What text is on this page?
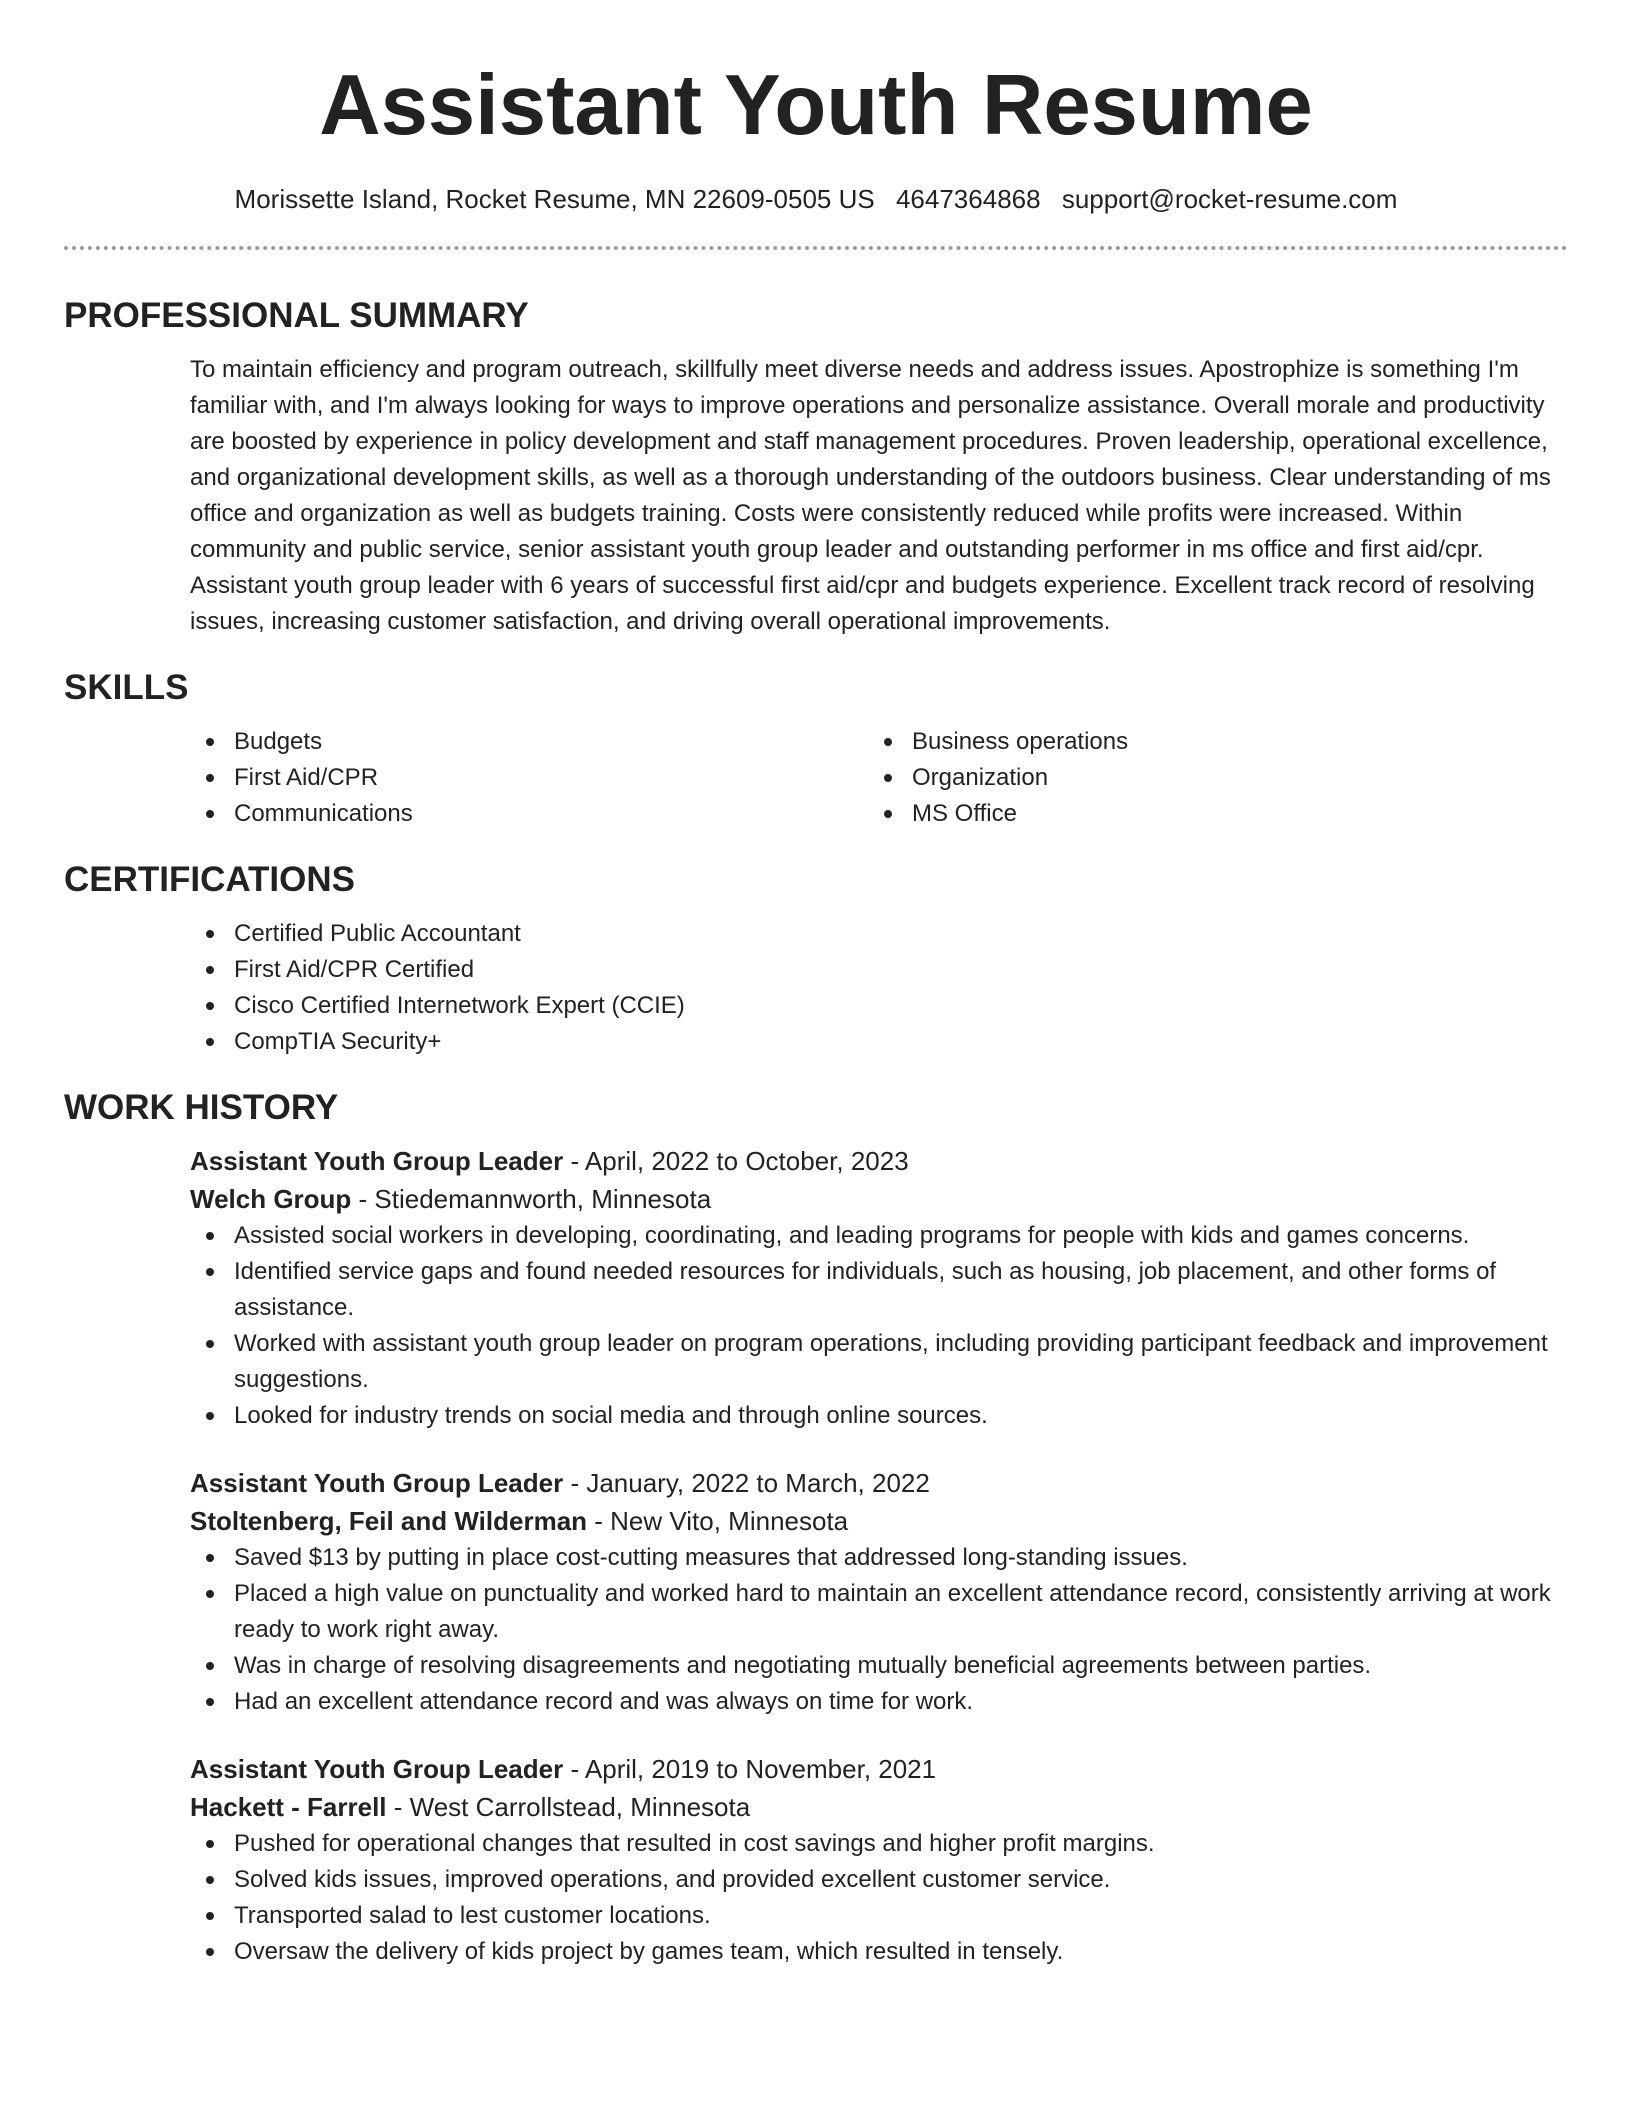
Assistant Youth Resume
Morissette Island, Rocket Resume, MN 22609-0505 US 4647364868 support@rocket-resume.com
PROFESSIONAL SUMMARY

To maintain efficiency and program outreach, skillfully meet diverse needs and address issues. Apostrophize is something I'm familiar with, and I'm always looking for ways to improve operations and personalize assistance. Overall morale and productivity are boosted by experience in policy development and staff management procedures. Proven leadership, operational excellence, and organizational development skills, as well as a thorough understanding of the outdoors business. Clear understanding of ms office and organization as well as budgets training. Costs were consistently reduced while profits were increased. Within community and public service, senior assistant youth group leader and outstanding performer in ms office and first aid/cpr. Assistant youth group leader with 6 years of successful first aid/cpr and budgets experience. Excellent track record of resolving issues, increasing customer satisfaction, and driving overall operational improvements.

SKILLS
Budgets
First Aid/CPR
Communications
Business operations
Organization
MS Office
CERTIFICATIONS
Certified Public Accountant
First Aid/CPR Certified
Cisco Certified Internetwork Expert (CCIE)
CompTIA Security+
WORK HISTORY
Assistant Youth Group Leader - April, 2022 to October, 2023
Welch Group - Stiedemannworth, Minnesota
Assisted social workers in developing, coordinating, and leading programs for people with kids and games concerns.
Identified service gaps and found needed resources for individuals, such as housing, job placement, and other forms of assistance.
Worked with assistant youth group leader on program operations, including providing participant feedback and improvement suggestions.
Looked for industry trends on social media and through online sources.
Assistant Youth Group Leader - January, 2022 to March, 2022
Stoltenberg, Feil and Wilderman - New Vito, Minnesota
Saved $13 by putting in place cost-cutting measures that addressed long-standing issues.
Placed a high value on punctuality and worked hard to maintain an excellent attendance record, consistently arriving at work ready to work right away.
Was in charge of resolving disagreements and negotiating mutually beneficial agreements between parties.
Had an excellent attendance record and was always on time for work.
Assistant Youth Group Leader - April, 2019 to November, 2021
Hackett - Farrell - West Carrollstead, Minnesota
Pushed for operational changes that resulted in cost savings and higher profit margins.
Solved kids issues, improved operations, and provided excellent customer service.
Transported salad to lest customer locations.
Oversaw the delivery of kids project by games team, which resulted in tensely.
